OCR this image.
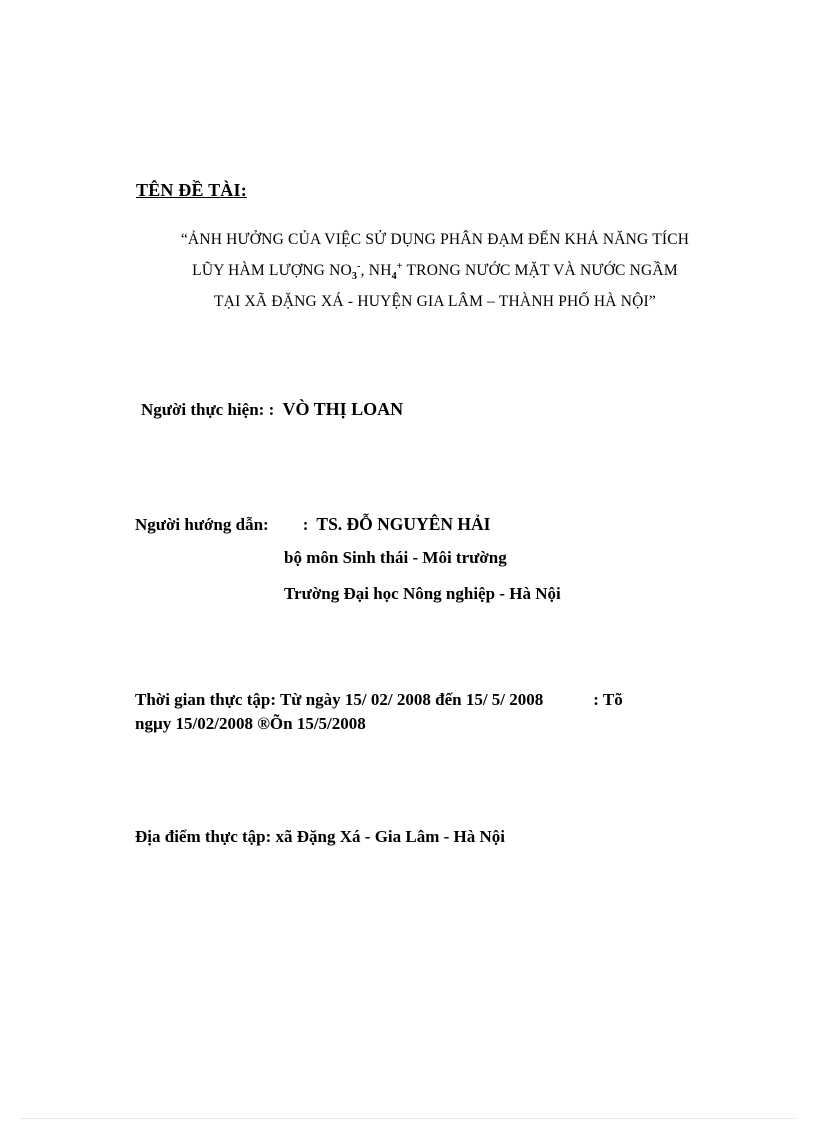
TÊN ĐỀ TÀI:
“ẢNH HƯỞNG CỦA VIỆC SỬ DỤNG PHÂN ĐẠM ĐẾN KHẢ NĂNG TÍCH
LŨY HÀM LƯỢNG $NO_3^-$, $NH_4^+$ TRONG NƯỚC MẶT VÀ NƯỚC NGẦM
TẠI XÃ ĐẶNG XÁ - HUYỆN GIA LÂM – THÀNH PHỐ HÀ NỘI”
Người thực hiện: : VÒ THỊ LOAN
Người hướng dẫn: : TS. ĐỖ NGUYÊN HẢI
bộ môn Sinh thái - Môi trường
Trường Đại học Nông nghiệp - Hà Nội
Thời gian thực tập: Từ ngày 15/ 02/ 2008 đến 15/ 5/ 2008	: Tõ
ngµy 15/02/2008 ®Õn 15/5/2008
Địa điểm thực tập: xã Đặng Xá - Gia Lâm - Hà Nội
